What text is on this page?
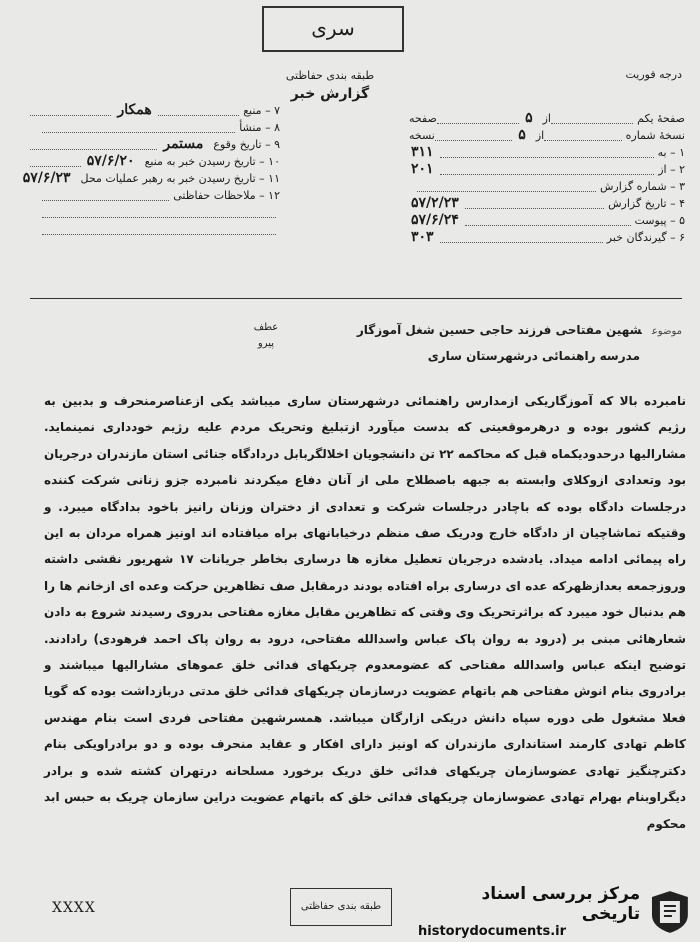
سری
طبقه بندی حفاظتی
گزارش خبر
درجه فوریت
صفحهٔ یکم
از
۵
صفحه
نسخهٔ شماره
از
۵
نسخه
۱ – به
۳۱۱
۲ – از
۲۰۱
۳ – شماره گزارش
۴ – تاریخ گزارش
۵۷/۲/۲۳
۵ – پیوست
۵۷/۶/۲۴
۶ – گیرندگان خبر
۳۰۳
۷ – منبع
همکار
۸ – منشأ
۹ – تاریخ وقوع
مستمر
۱۰ – تاریخ رسیدن خبر به منبع
۵۷/۶/۲۰
۱۱ – تاریخ رسیدن خبر به رهبر عملیات محل
۵۷/۶/۲۳
۱۲ – ملاحظات حفاظتی
موضوعشهین مفتاحی فرزند حاجی حسین شغل آموزگار
مدرسه راهنمائی درشهرستان ساری
عطف
پیرو
نامبرده بالا که آموزگاریکی ازمدارس راهنمائی درشهرستان ساری میباشد یکی ازعناصرمنحرف و بدبین به رژیم کشور بوده و درهرموقعیتی که بدست میآورد ازتبلیغ وتحریک مردم علیه رژیم خودداری نمینماید. مشارالیها درحدودیکماه قبل که محاکمه ۲۲ تن دانشجویان اخلالگربابل دردادگاه جنائی استان مازندران درجریان بود وتعدادی ازوکلای وابسته به جبهه باصطلاح ملی از آنان دفاع میکردند نامبرده جزو زنانی شرکت کننده درجلسات دادگاه بوده که باچادر درجلسات شرکت و تعدادی از دختران وزنان رانیز باخود بدادگاه میبرد. و وقتیکه تماشاچیان از دادگاه خارج ودریک صف منظم درخیابانهای براه میافتاده اند اونیز همراه مردان به این راه پیمائی ادامه میداد. یادشده درجریان تعطیل مغازه ها درساری بخاطر جریانات ۱۷ شهریور نقشی داشته وروزجمعه بعدازظهرکه عده ای درساری براه افتاده بودند درمقابل صف تظاهرین حرکت وعده ای ازخانم ها را هم بدنبال خود میبرد که براثرتحریک وی وقتی که تظاهرین مقابل مغازه مفتاحی بدروی رسیدند شروع به دادن شعارهائی مبنی بر (درود به روان پاک عباس واسدالله مفتاحی، درود به روان پاک احمد فرهودی) رادادند. توضیح اینکه عباس واسدالله مفتاحی که عضومعدوم چریکهای فدائی خلق عموهای مشارالیها میباشند و برادروی بنام انوش مفتاحی هم باتهام عضویت درسازمان چریکهای فدائی خلق مدتی دربازداشت بوده که گویا فعلا مشغول طی دوره سپاه دانش دریکی ازارگان میباشد. همسرشهین مفتاحی فردی است بنام مهندس کاظم تهادی کارمند استانداری مازندران که اونیز دارای افکار و عقاید منحرف بوده و دو برادراویکی بنام دکترچنگیز تهادی عضوسازمان چریکهای فدائی خلق دریک برخورد مسلحانه درتهران کشته شده و برادر دیگراوبنام بهرام تهادی عضوسازمان چریکهای فدائی خلق که باتهام عضویت دراین سازمان چریک به حبس ابد محکوم
XXXX	طبقه بندی حفاظتی
مرکز بررسی اسناد تاریخی
historydocuments.ir
